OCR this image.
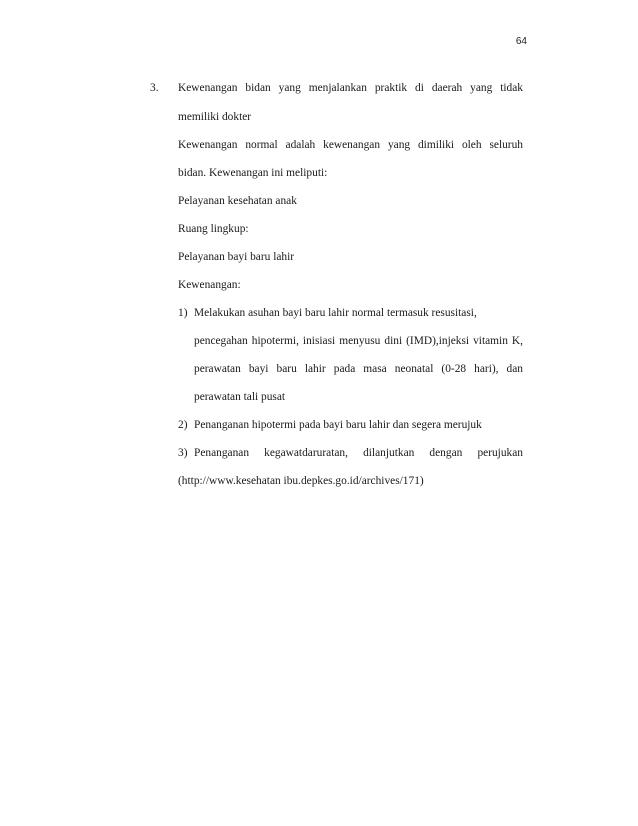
64
3. Kewenangan bidan yang menjalankan praktik di daerah yang tidak
memiliki dokter
Kewenangan normal adalah kewenangan yang dimiliki oleh seluruh
bidan. Kewenangan ini meliputi:
Pelayanan kesehatan anak
Ruang lingkup:
Pelayanan bayi baru lahir
Kewenangan:
1) Melakukan asuhan bayi baru lahir normal termasuk resusitasi,
pencegahan hipotermi, inisiasi menyusu dini (IMD),injeksi vitamin K,
perawatan bayi baru lahir pada masa neonatal (0-28 hari), dan
perawatan tali pusat
2) Penanganan hipotermi pada bayi baru lahir dan segera merujuk
3) Penanganan kegawatdaruratan, dilanjutkan dengan perujukan
(http://www.kesehatan ibu.depkes.go.id/archives/171)
